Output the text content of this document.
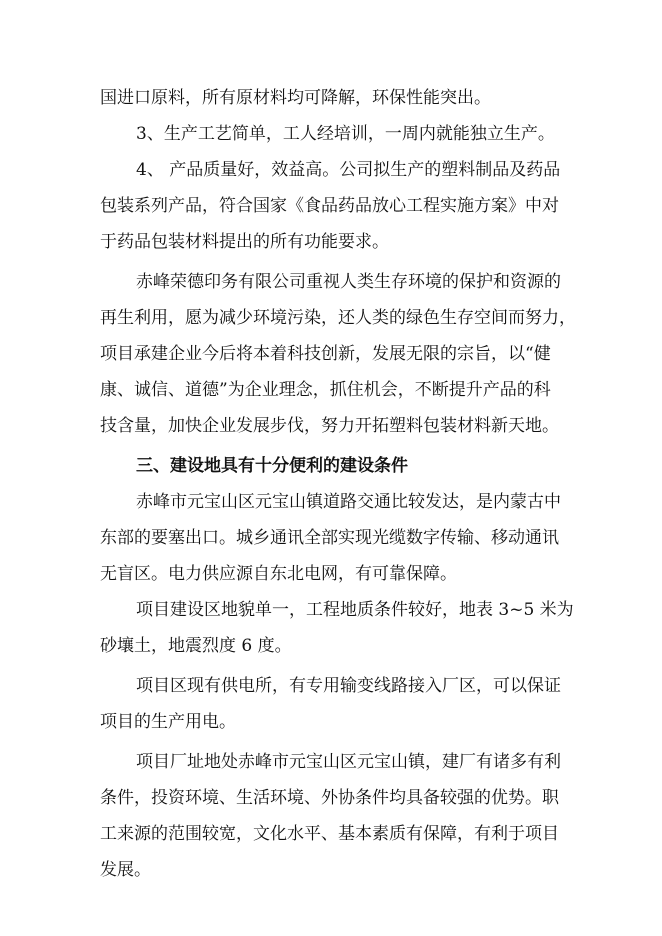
国进口原料，所有原材料均可降解，环保性能突出。
3、生产工艺简单，工人经培训，一周内就能独立生产。
4、 产品质量好，效益高。公司拟生产的塑料制品及药品
包装系列产品，符合国家《食品药品放心工程实施方案》中对
于药品包装材料提出的所有功能要求。
赤峰荣德印务有限公司重视人类生存环境的保护和资源的
再生利用，愿为减少环境污染，还人类的绿色生存空间而努力，
项目承建企业今后将本着科技创新，发展无限的宗旨，以“健
康、诚信、道德”为企业理念，抓住机会，不断提升产品的科
技含量，加快企业发展步伐，努力开拓塑料包装材料新天地。
三、建设地具有十分便利的建设条件
赤峰市元宝山区元宝山镇道路交通比较发达，是内蒙古中
东部的要塞出口。城乡通讯全部实现光缆数字传输、移动通讯
无盲区。电力供应源自东北电网，有可靠保障。
项目建设区地貌单一，工程地质条件较好，地表 3~5 米为
砂壤土，地震烈度 6 度。
项目区现有供电所，有专用输变线路接入厂区，可以保证
项目的生产用电。
项目厂址地处赤峰市元宝山区元宝山镇，建厂有诸多有利
条件，投资环境、生活环境、外协条件均具备较强的优势。职
工来源的范围较宽，文化水平、基本素质有保障，有利于项目
发展。
